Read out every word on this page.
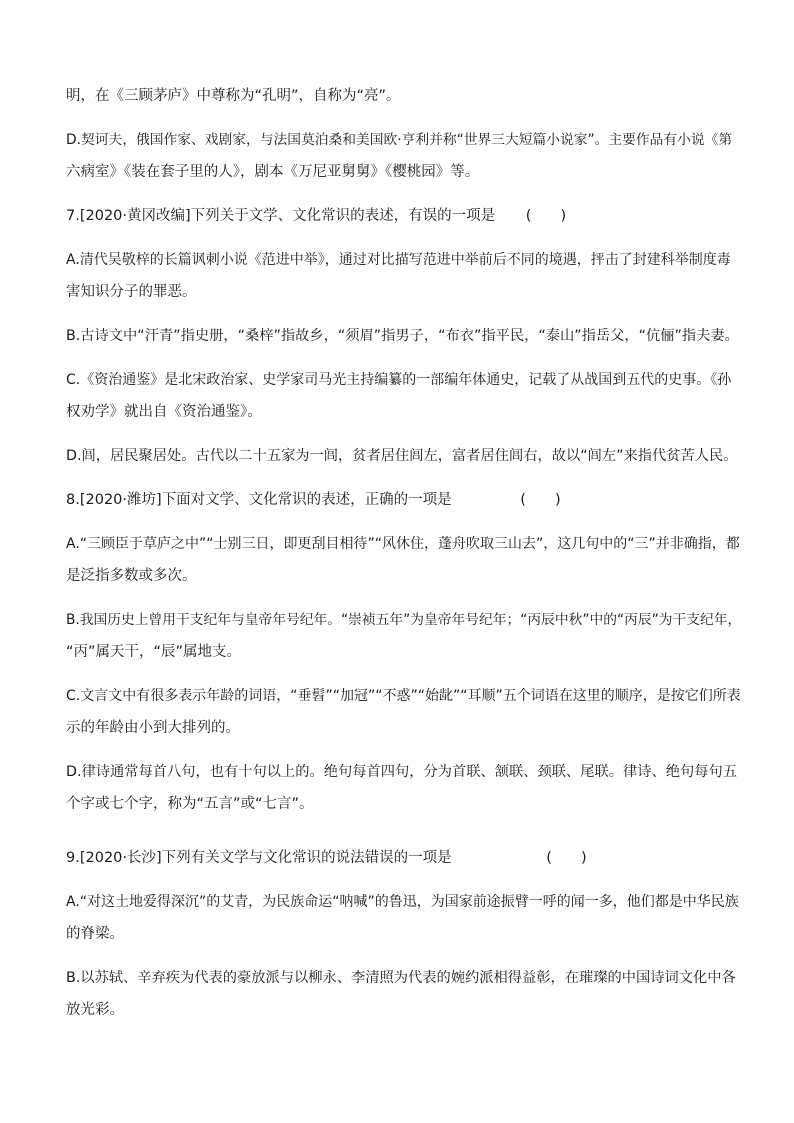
明，在《三顾茅庐》中尊称为“孔明”，自称为“亮”。
D.契诃夫，俄国作家、戏剧家，与法国莫泊桑和美国欧·亨利并称“世界三大短篇小说家”。主要作品有小说《第
六病室》《装在套子里的人》，剧本《万尼亚舅舅》《樱桃园》等。
7.[2020·黄冈改编]下列关于文学、文化常识的表述，有误的一项是 (　　)
A.清代吴敬梓的长篇讽刺小说《范进中举》，通过对比描写范进中举前后不同的境遇，抨击了封建科举制度毒
害知识分子的罪恶。
B.古诗文中“汗青”指史册，“桑梓”指故乡，“须眉”指男子，“布衣”指平民，“泰山”指岳父，“伉俪”指夫妻。
C.《资治通鉴》是北宋政治家、史学家司马光主持编纂的一部编年体通史，记载了从战国到五代的史事。《孙
权劝学》就出自《资治通鉴》。
D.闾，居民聚居处。古代以二十五家为一闾，贫者居住闾左，富者居住闾右，故以“闾左”来指代贫苦人民。
8.[2020·潍坊]下面对文学、文化常识的表述，正确的一项是	(　　)
A.“三顾臣于草庐之中”“士别三日，即更刮目相待”“风休住，蓬舟吹取三山去”，这几句中的“三”并非确指，都
是泛指多数或多次。
B.我国历史上曾用干支纪年与皇帝年号纪年。“崇祯五年”为皇帝年号纪年；“丙辰中秋”中的“丙辰”为干支纪年，
“丙”属天干，“辰”属地支。
C.文言文中有很多表示年龄的词语，“垂髫”“加冠”“不惑”“始龀”“耳顺”五个词语在这里的顺序，是按它们所表
示的年龄由小到大排列的。
D.律诗通常每首八句，也有十句以上的。绝句每首四句，分为首联、颔联、颈联、尾联。律诗、绝句每句五
个字或七个字，称为“五言”或“七言”。
9.[2020·长沙]下列有关文学与文化常识的说法错误的一项是	(　　)
A.“对这土地爱得深沉”的艾青，为民族命运“呐喊”的鲁迅，为国家前途振臂一呼的闻一多，他们都是中华民族
的脊梁。
B.以苏轼、辛弃疾为代表的豪放派与以柳永、李清照为代表的婉约派相得益彰，在璀璨的中国诗词文化中各
放光彩。
